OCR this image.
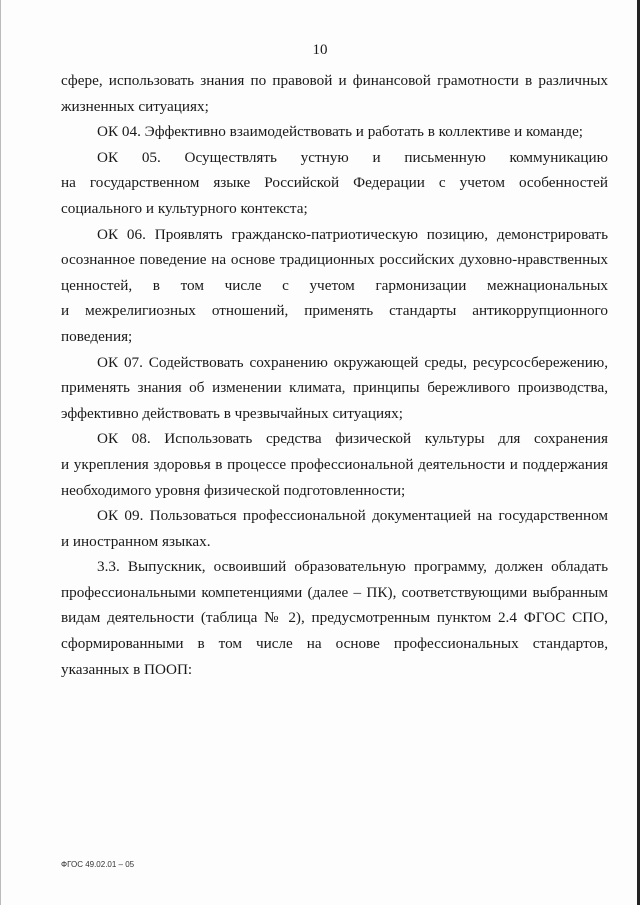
10
сфере, использовать знания по правовой и финансовой грамотности в различных
жизненных ситуациях;
ОК 04. Эффективно взаимодействовать и работать в коллективе и команде;
ОК 05. Осуществлять устную и письменную коммуникацию
на государственном языке Российской Федерации с учетом особенностей
социального и культурного контекста;
ОК 06. Проявлять гражданско-патриотическую позицию, демонстрировать
осознанное поведение на основе традиционных российских духовно-нравственных
ценностей, в том числе с учетом гармонизации межнациональных
и межрелигиозных отношений, применять стандарты антикоррупционного
поведения;
ОК 07. Содействовать сохранению окружающей среды, ресурсосбережению,
применять знания об изменении климата, принципы бережливого производства,
эффективно действовать в чрезвычайных ситуациях;
ОК 08. Использовать средства физической культуры для сохранения
и укрепления здоровья в процессе профессиональной деятельности и поддержания
необходимого уровня физической подготовленности;
ОК 09. Пользоваться профессиональной документацией на государственном
и иностранном языках.
3.3. Выпускник, освоивший образовательную программу, должен обладать
профессиональными компетенциями (далее – ПК), соответствующими выбранным
видам деятельности (таблица № 2), предусмотренным пунктом 2.4 ФГОС СПО,
сформированными в том числе на основе профессиональных стандартов,
указанных в ПООП:
ФГОС 49.02.01 – 05
